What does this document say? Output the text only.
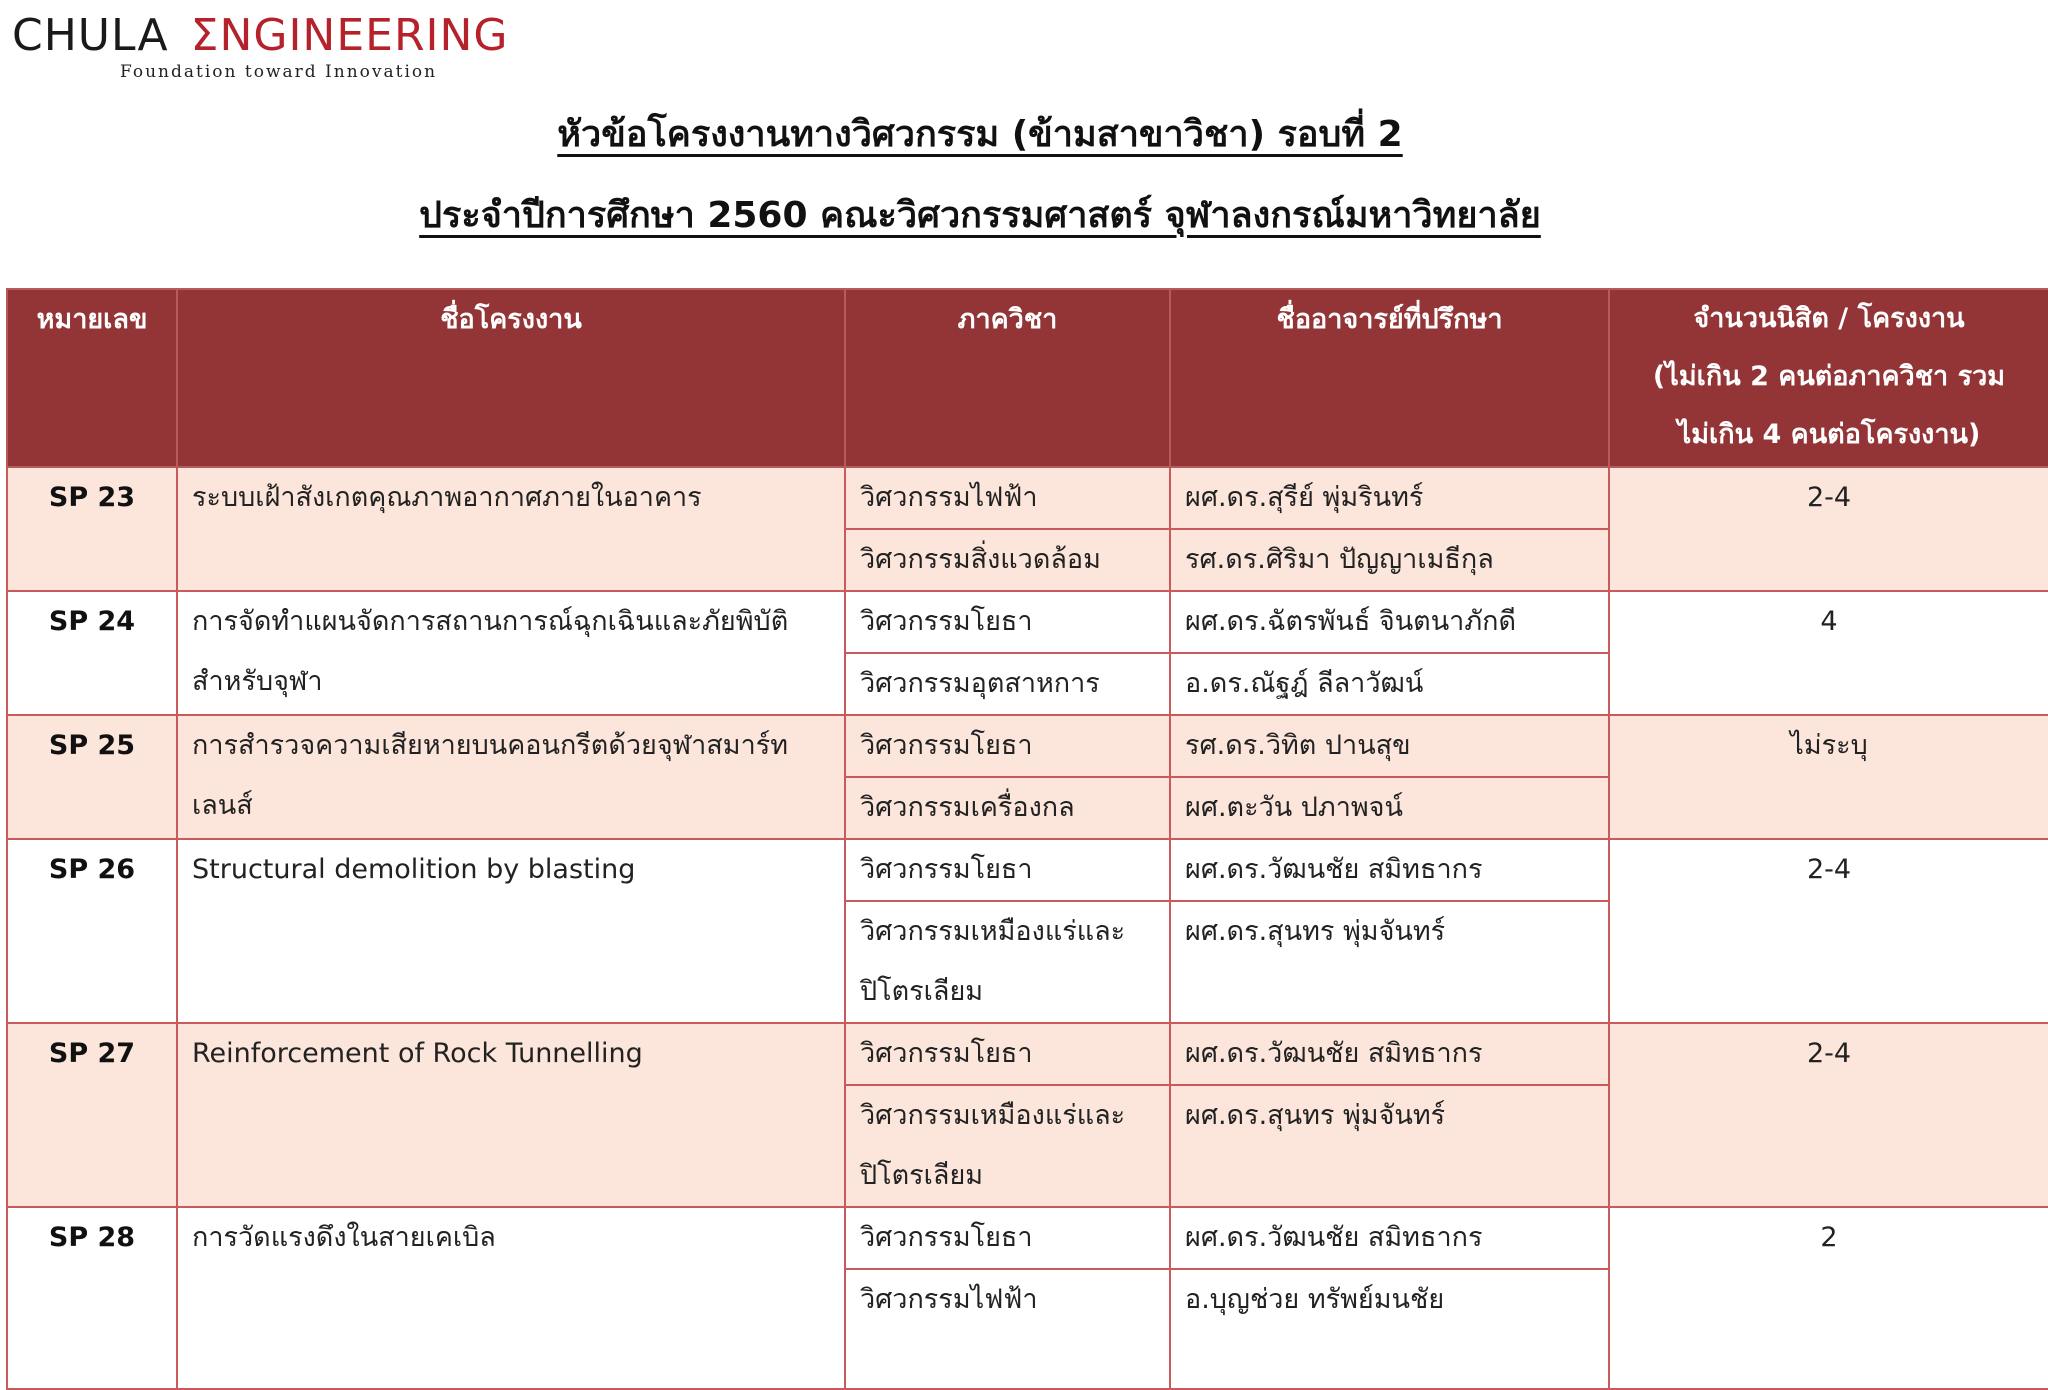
CHULA ƩNGINEERING
Foundation toward Innovation
หัวข้อโครงงานทางวิศวกรรม (ข้ามสาขาวิชา) รอบที่ 2
ประจำปีการศึกษา 2560 คณะวิศวกรรมศาสตร์ จุฬาลงกรณ์มหาวิทยาลัย
หมายเลข	ชื่อโครงงาน	ภาควิชา	ชื่ออาจารย์ที่ปรึกษา	จำนวนนิสิต / โครงงาน
(ไม่เกิน 2 คนต่อภาควิชา รวม
ไม่เกิน 4 คนต่อโครงงาน)

SP 23	ระบบเฝ้าสังเกตคุณภาพอากาศภายในอาคาร	วิศวกรรมไฟฟ้า	ผศ.ดร.สุรีย์ พุ่มรินทร์	2-4
		วิศวกรรมสิ่งแวดล้อม	รศ.ดร.ศิริมา ปัญญาเมธีกุล	
SP 24	การจัดทำแผนจัดการสถานการณ์ฉุกเฉินและภัยพิบัติสำหรับจุฬา	วิศวกรรมโยธา	ผศ.ดร.ฉัตรพันธ์ จินตนาภักดี	4
		วิศวกรรมอุตสาหการ	อ.ดร.ณัฐฎ์ ลีลาวัฒน์	
SP 25	การสำรวจความเสียหายบนคอนกรีตด้วยจุฬาสมาร์ทเลนส์	วิศวกรรมโยธา	รศ.ดร.วิทิต ปานสุข	ไม่ระบุ
		วิศวกรรมเครื่องกล	ผศ.ตะวัน ปภาพจน์	
SP 26	Structural demolition by blasting	วิศวกรรมโยธา	ผศ.ดร.วัฒนชัย สมิทธากร	2-4
		วิศวกรรมเหมืองแร่และปิโตรเลียม	ผศ.ดร.สุนทร พุ่มจันทร์	
SP 27	Reinforcement of Rock Tunnelling	วิศวกรรมโยธา	ผศ.ดร.วัฒนชัย สมิทธากร	2-4
		วิศวกรรมเหมืองแร่และปิโตรเลียม	ผศ.ดร.สุนทร พุ่มจันทร์	
SP 28	การวัดแรงดึงในสายเคเบิล	วิศวกรรมโยธา	ผศ.ดร.วัฒนชัย สมิทธากร	2
		วิศวกรรมไฟฟ้า	อ.บุญช่วย ทรัพย์มนชัย	
